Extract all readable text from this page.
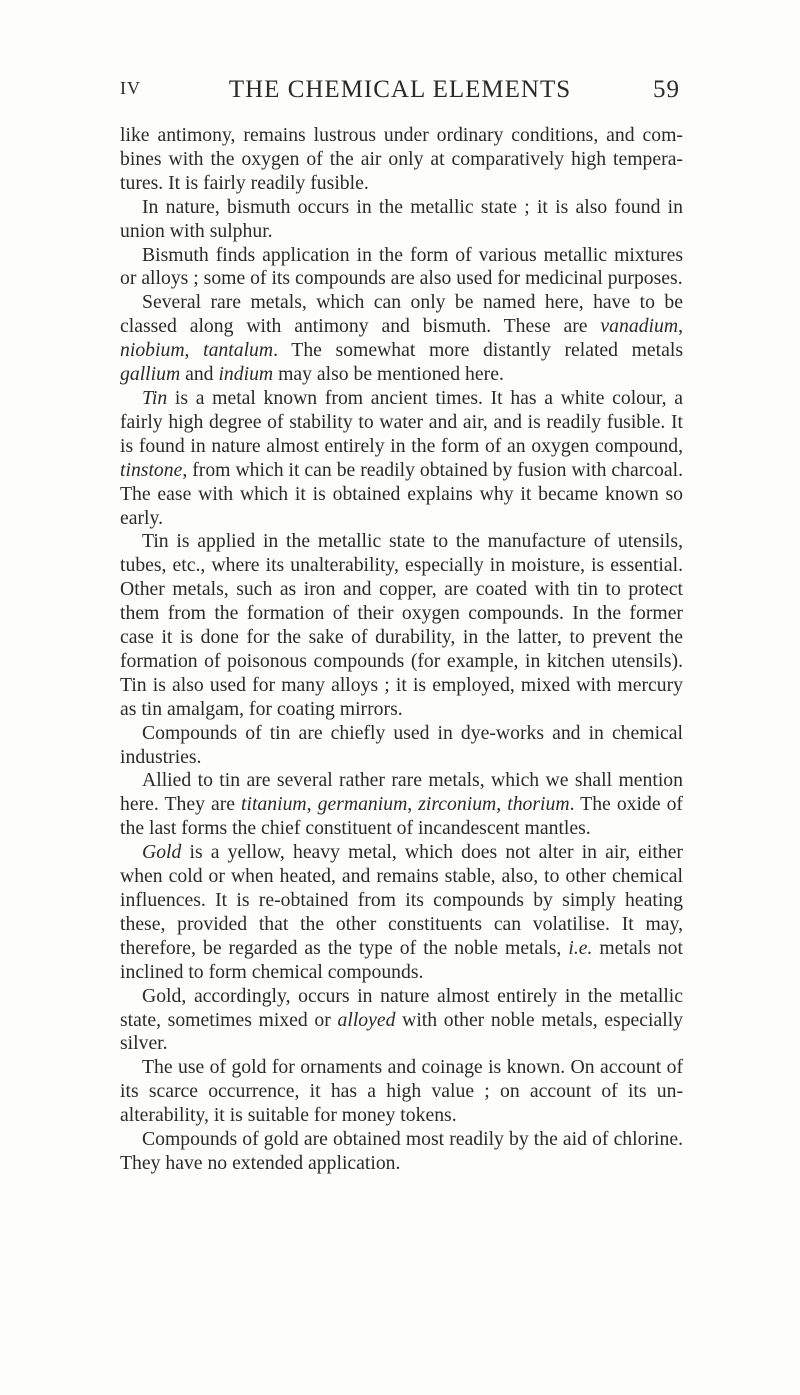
IV	THE CHEMICAL ELEMENTS	59

like antimony, remains lustrous under ordinary conditions, and com-bines with the oxygen of the air only at comparatively high tempera-tures. It is fairly readily fusible.

In nature, bismuth occurs in the metallic state ; it is also found in union with sulphur.

Bismuth finds application in the form of various metallic mixtures or alloys ; some of its compounds are also used for medicinal purposes.

Several rare metals, which can only be named here, have to be classed along with antimony and bismuth. These are vanadium, niobium, tantalum. The somewhat more distantly related metals gallium and indium may also be mentioned here.

Tin is a metal known from ancient times. It has a white colour, a fairly high degree of stability to water and air, and is readily fusible. It is found in nature almost entirely in the form of an oxygen compound, tinstone, from which it can be readily obtained by fusion with charcoal. The ease with which it is obtained explains why it became known so early.

Tin is applied in the metallic state to the manufacture of utensils, tubes, etc., where its unalterability, especially in moisture, is essential. Other metals, such as iron and copper, are coated with tin to protect them from the formation of their oxygen compounds. In the former case it is done for the sake of durability, in the latter, to prevent the formation of poisonous compounds (for example, in kitchen utensils). Tin is also used for many alloys ; it is employed, mixed with mercury as tin amalgam, for coating mirrors.

Compounds of tin are chiefly used in dye-works and in chemical industries.

Allied to tin are several rather rare metals, which we shall mention here. They are titanium, germanium, zirconium, thorium. The oxide of the last forms the chief constituent of incandescent mantles.

Gold is a yellow, heavy metal, which does not alter in air, either when cold or when heated, and remains stable, also, to other chemical influences. It is re-obtained from its compounds by simply heating these, provided that the other constituents can volatilise. It may, therefore, be regarded as the type of the noble metals, i.e. metals not inclined to form chemical compounds.

Gold, accordingly, occurs in nature almost entirely in the metallic state, sometimes mixed or alloyed with other noble metals, especially silver.

The use of gold for ornaments and coinage is known. On account of its scarce occurrence, it has a high value ; on account of its un-alterability, it is suitable for money tokens.

Compounds of gold are obtained most readily by the aid of chlorine. They have no extended application.
